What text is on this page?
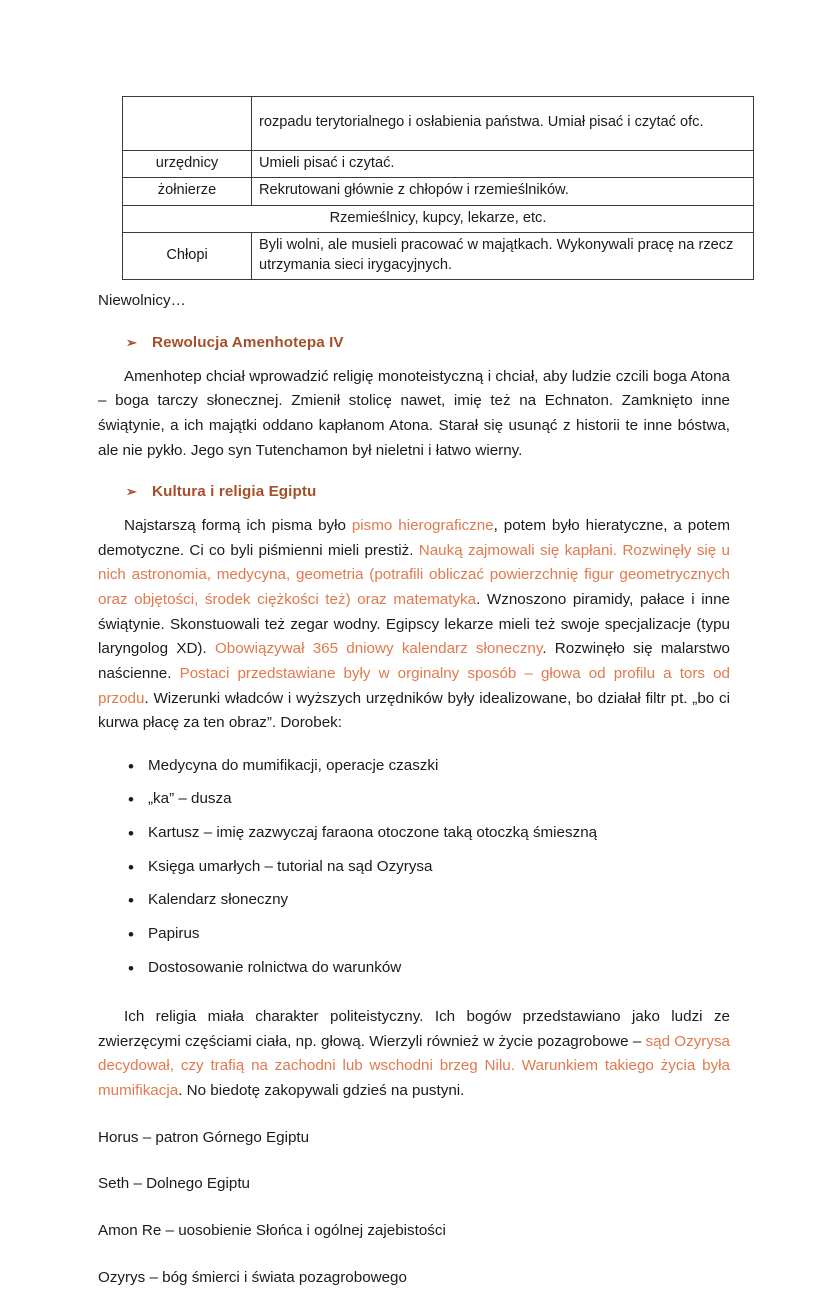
	rozpadu terytorialnego i osłabienia państwa. Umiał pisać i czytać ofc.
urzędnicy	Umieli pisać i czytać.
żołnierze	Rekrutowani głównie z chłopów i rzemieślników.
Rzemieślnicy, kupcy, lekarze, etc.	
Chłopi	Byli wolni, ale musieli pracować w majątkach. Wykonywali pracę na rzecz utrzymania sieci irygacyjnych.

Niewolnicy…

➢ Rewolucja Amenhotepa IV

Amenhotep chciał wprowadzić religię monoteistyczną i chciał, aby ludzie czcili boga Atona – boga tarczy słonecznej. Zmienił stolicę nawet, imię też na Echnaton. Zamknięto inne świątynie, a ich majątki oddano kapłanom Atona. Starał się usunąć z historii te inne bóstwa, ale nie pykło. Jego syn Tutenchamon był nieletni i łatwo wierny.

➢ Kultura i religia Egiptu

Najstarszą formą ich pisma było pismo hierograficzne, potem było hieratyczne, a potem demotyczne. Ci co byli piśmienni mieli prestiż. Nauką zajmowali się kapłani. Rozwinęły się u nich astronomia, medycyna, geometria (potrafili obliczać powierzchnię figur geometrycznych oraz objętości, środek ciężkości też) oraz matematyka. Wznoszono piramidy, pałace i inne świątynie. Skonstuowali też zegar wodny. Egipscy lekarze mieli też swoje specjalizacje (typu laryngolog XD). Obowiązywał 365 dniowy kalendarz słoneczny. Rozwinęło się malarstwo naścienne. Postaci przedstawiane były w orginalny sposób – głowa od profilu a tors od przodu. Wizerunki władców i wyższych urzędników były idealizowane, bo działał filtr pt. „bo ci kurwa płacę za ten obraz”. Dorobek:

• Medycyna do mumifikacji, operacje czaszki
• „ka” – dusza
• Kartusz – imię zazwyczaj faraona otoczone taką otoczką śmieszną
• Księga umarłych – tutorial na sąd Ozyrysa
• Kalendarz słoneczny
• Papirus
• Dostosowanie rolnictwa do warunków

Ich religia miała charakter politeistyczny. Ich bogów przedstawiano jako ludzi ze zwierzęcymi częściami ciała, np. głową. Wierzyli również w życie pozagrobowe – sąd Ozyrysa decydował, czy trafią na zachodni lub wschodni brzeg Nilu. Warunkiem takiego życia była mumifikacja. No biedotę zakopywali gdzieś na pustyni.

Horus – patron Górnego Egiptu

Seth – Dolnego Egiptu

Amon Re – uosobienie Słońca i ogólnej zajebistości

Ozyrys – bóg śmierci i świata pozagrobowego
